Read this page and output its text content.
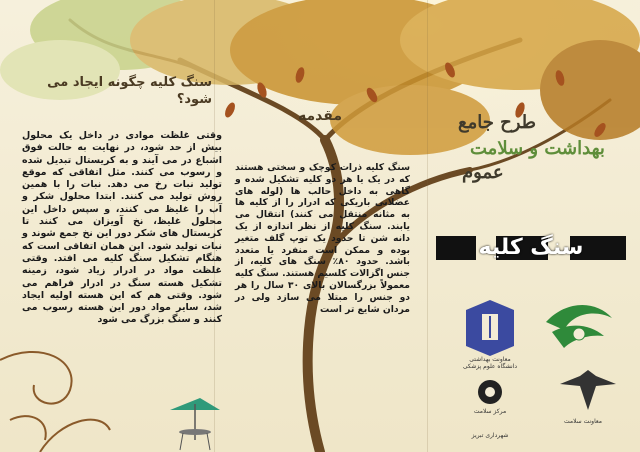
سنگ کلیه چگونه ایجاد می شود؟
وقتی غلظت موادی در داخل یک محلول بیش از حد شود، در نهایت به حالت فوق اشباع در می آیند و به کریستال تبدیل شده و رسوب می کنند. مثل اتفاقی که موقع تولید نبات رخ می دهد. نبات را با همین روش تولید می کنند. ابتدا محلول شکر و آب را غلیظ می کنند، و سپس داخل این محلول غلیظ، نخ آویزان می کنند تا کریستال های شکر دور این نخ جمع شوند و نبات تولید شود. این همان اتفاقی است که هنگام تشکیل سنگ کلیه می افتد. وقتی غلظت مواد در ادرار زیاد شود، زمینه تشکیل هسته سنگ در ادرار فراهم می شود. وقتی هم که این هسته اولیه ایجاد شد، سایر مواد دور این هسته رسوب می کنند و سنگ بزرگ می شود
مقدمه
سنگ کلیه ذرات کوچک و سختی هستند که در یک یا هر دو کلیه تشکیل شده و گاهی به داخل حالب ها (لوله های عضلانی باریکی که ادرار را از کلیه ها به مثانه منتقل می کنند) انتقال می یابند. سنگ کلیه از نظر اندازه از یک دانه شن تا حدود یک توپ گلف متغیر بوده و ممکن است منفرد یا متعدد باشد. حدود ۸۰٪ سنگ های کلیه، از جنس اگزالات کلسیم هستند. سنگ کلیه معمولاً بزرگسالان بالای ۳۰ سال را هر دو جنس را مبتلا می سازد ولی در مردان شایع تر است
طرح جامع
بهداشت و سلامت
عموم
سنگ کلیه
معاونت بهداشتی دانشگاه علوم پزشکی
مرکز سلامت
شهرداری تبریز
معاونت سلامت
